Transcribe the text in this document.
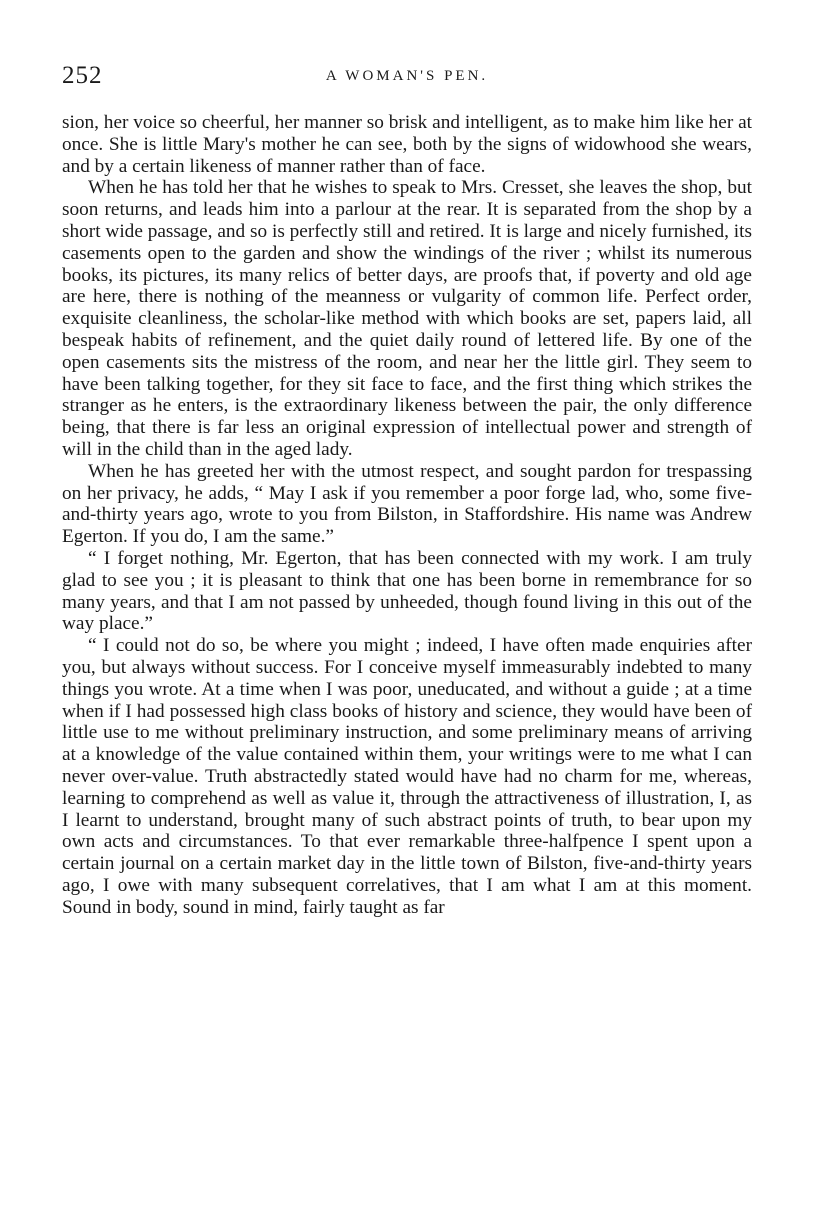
252	A WOMAN'S PEN.

sion, her voice so cheerful, her manner so brisk and intelligent, as to make him like her at once. She is little Mary's mother he can see, both by the signs of widowhood she wears, and by a certain likeness of manner rather than of face.

When he has told her that he wishes to speak to Mrs. Cresset, she leaves the shop, but soon returns, and leads him into a parlour at the rear. It is separated from the shop by a short wide passage, and so is perfectly still and retired. It is large and nicely furnished, its casements open to the garden and show the windings of the river ; whilst its numerous books, its pictures, its many relics of better days, are proofs that, if poverty and old age are here, there is nothing of the meanness or vulgarity of common life. Perfect order, exquisite cleanliness, the scholar-like method with which books are set, papers laid, all bespeak habits of refinement, and the quiet daily round of lettered life. By one of the open casements sits the mistress of the room, and near her the little girl. They seem to have been talking together, for they sit face to face, and the first thing which strikes the stranger as he enters, is the extraordinary likeness between the pair, the only difference being, that there is far less an original expression of intellectual power and strength of will in the child than in the aged lady.

When he has greeted her with the utmost respect, and sought pardon for trespassing on her privacy, he adds, “ May I ask if you remember a poor forge lad, who, some five-and-thirty years ago, wrote to you from Bilston, in Staffordshire. His name was Andrew Egerton. If you do, I am the same.”

“ I forget nothing, Mr. Egerton, that has been connected with my work. I am truly glad to see you ; it is pleasant to think that one has been borne in remembrance for so many years, and that I am not passed by unheeded, though found living in this out of the way place.”

“ I could not do so, be where you might ; indeed, I have often made enquiries after you, but always without success. For I conceive myself immeasurably indebted to many things you wrote. At a time when I was poor, uneducated, and without a guide ; at a time when if I had possessed high class books of history and science, they would have been of little use to me without preliminary instruction, and some preliminary means of arriving at a knowledge of the value contained within them, your writings were to me what I can never over-value. Truth abstractedly stated would have had no charm for me, whereas, learning to comprehend as well as value it, through the attractiveness of illustration, I, as I learnt to understand, brought many of such abstract points of truth, to bear upon my own acts and circumstances. To that ever remarkable three-halfpence I spent upon a certain journal on a certain market day in the little town of Bilston, five-and-thirty years ago, I owe with many subsequent correlatives, that I am what I am at this moment. Sound in body, sound in mind, fairly taught as far
